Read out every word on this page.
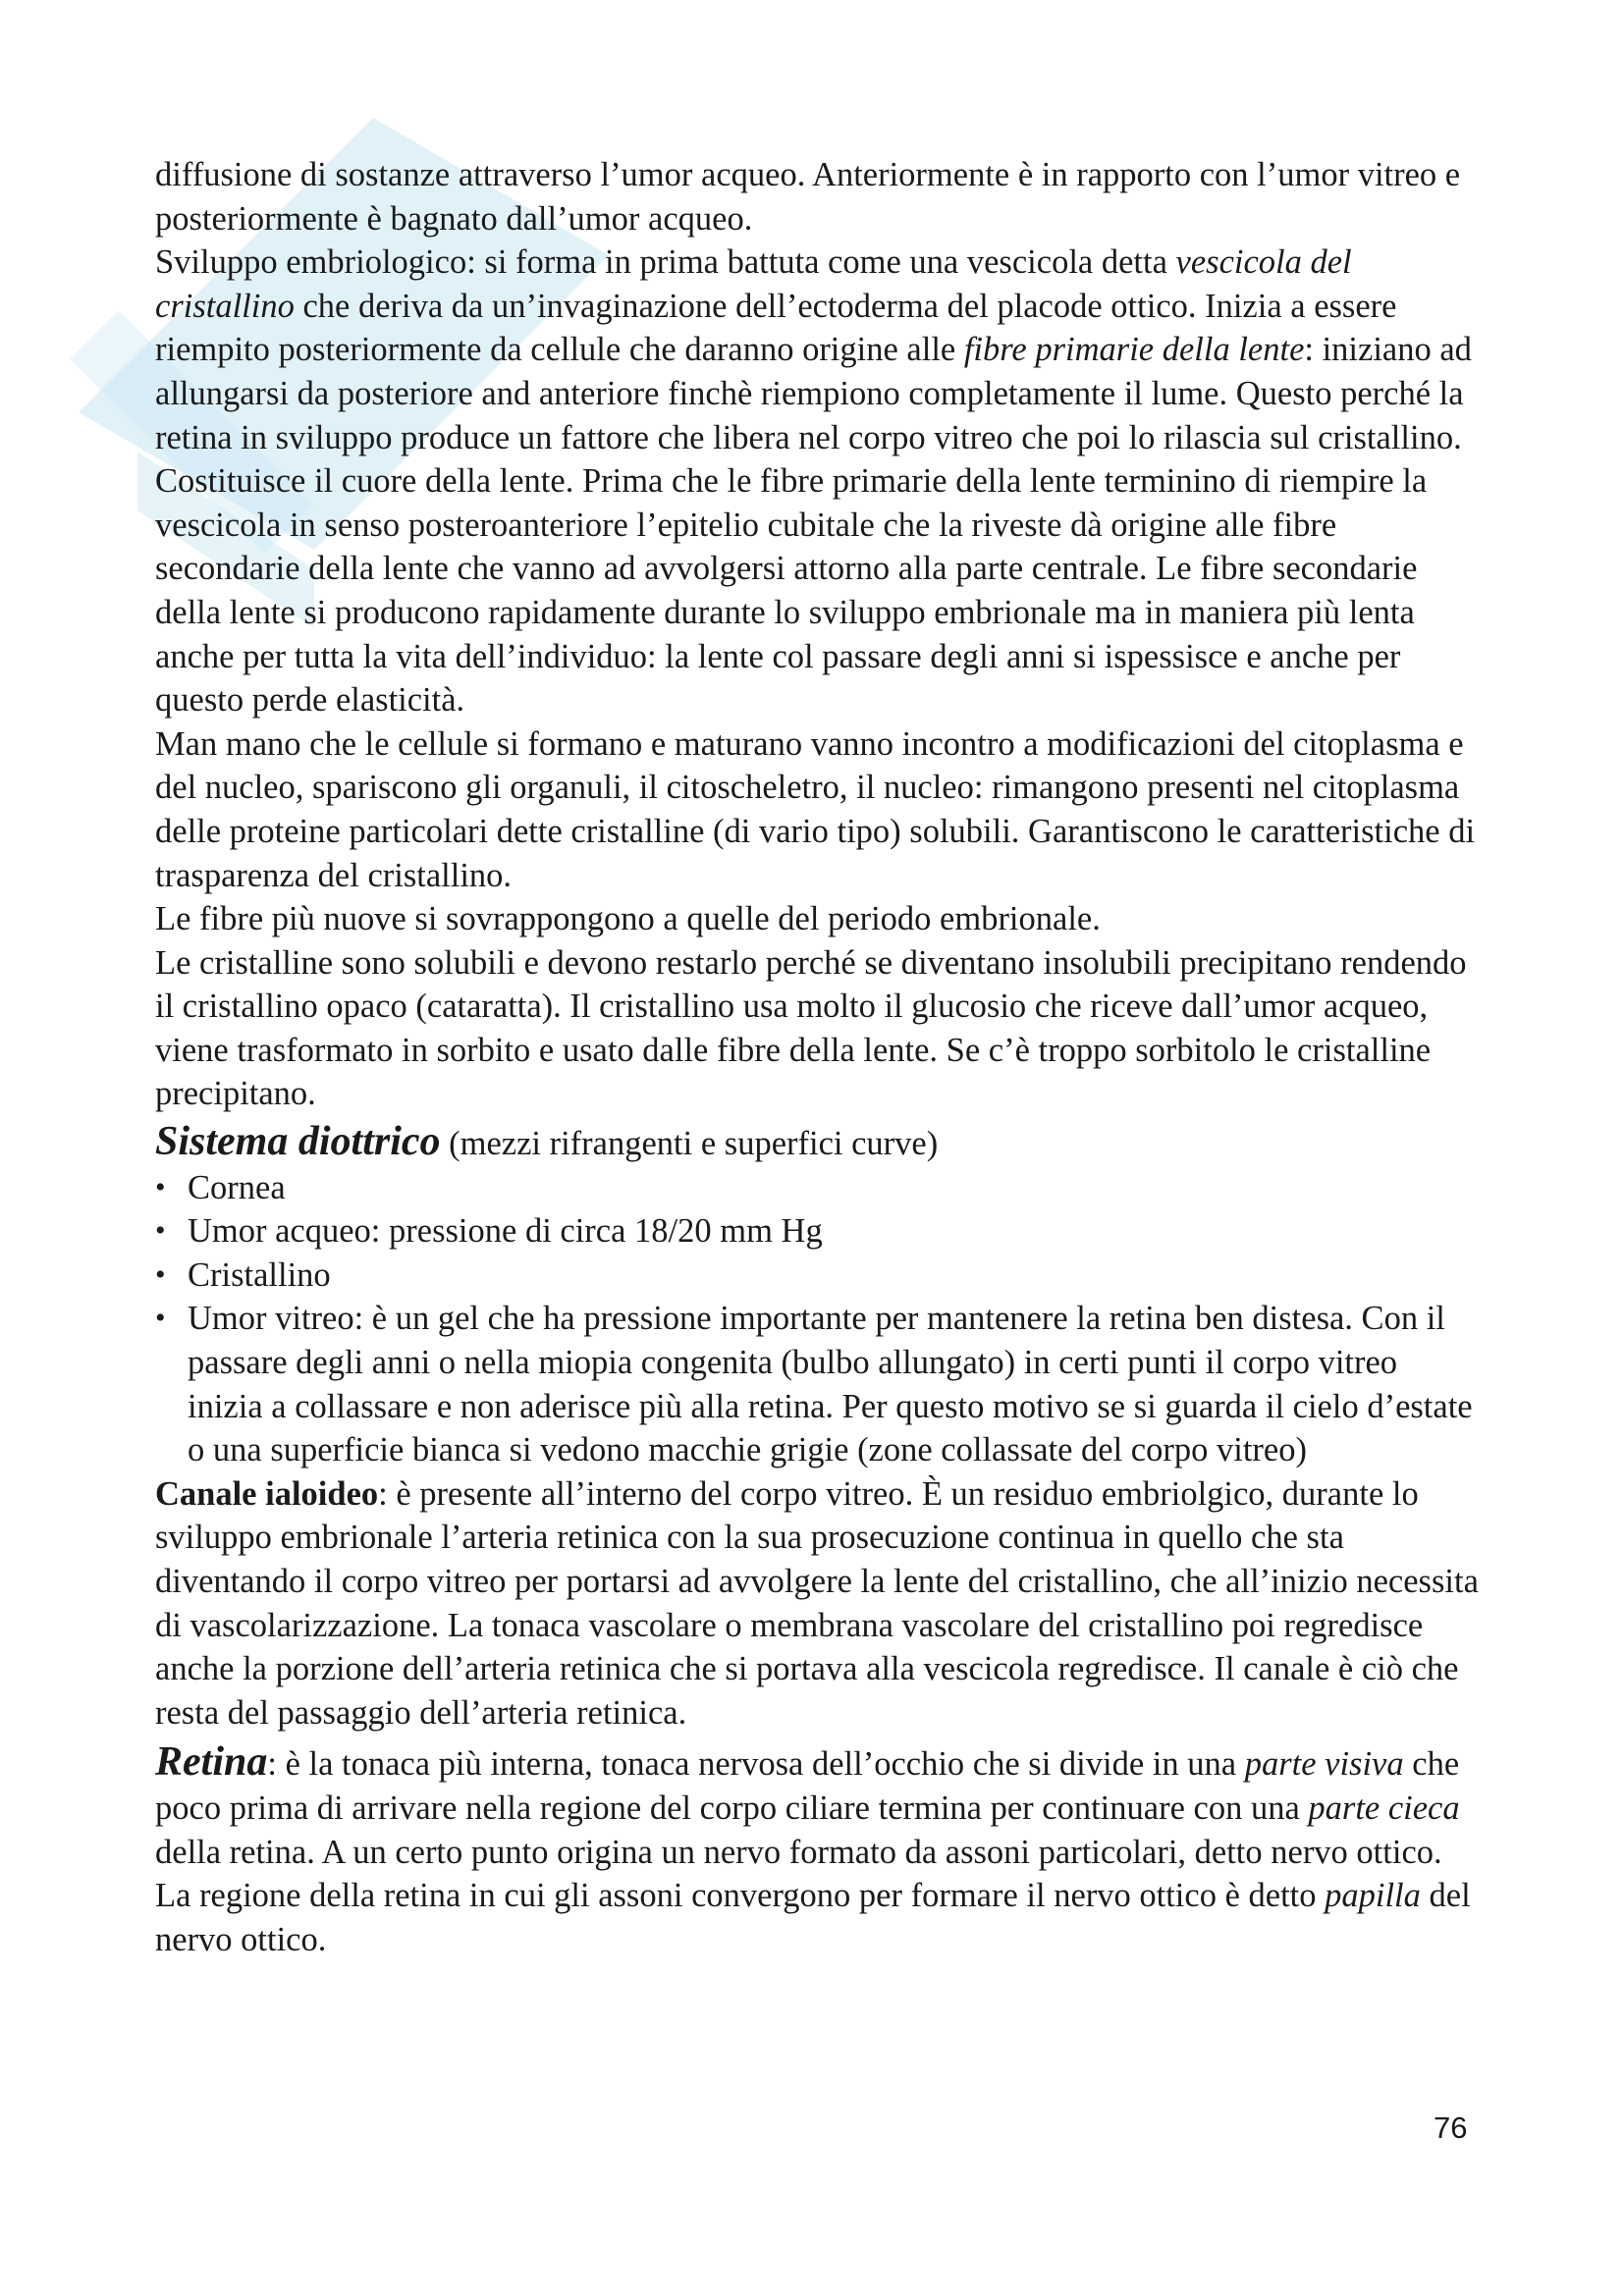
diffusione di sostanze attraverso l’umor acqueo. Anteriormente è in rapporto con l’umor vitreo e posteriormente è bagnato dall’umor acqueo.

Sviluppo embriologico: si forma in prima battuta come una vescicola detta vescicola del cristallino che deriva da un’invaginazione dell’ectoderma del placode ottico. Inizia a essere riempito posteriormente da cellule che daranno origine alle fibre primarie della lente: iniziano ad allungarsi da posteriore and anteriore finchè riempiono completamente il lume. Questo perché la retina in sviluppo produce un fattore che libera nel corpo vitreo che poi lo rilascia sul cristallino. Costituisce il cuore della lente. Prima che le fibre primarie della lente terminino di riempire la vescicola in senso posteroanteriore l’epitelio cubitale che la riveste dà origine alle fibre secondarie della lente che vanno ad avvolgersi attorno alla parte centrale. Le fibre secondarie della lente si producono rapidamente durante lo sviluppo embrionale ma in maniera più lenta anche per tutta la vita dell’individuo: la lente col passare degli anni si ispessisce e anche per questo perde elasticità.

Man mano che le cellule si formano e maturano vanno incontro a modificazioni del citoplasma e del nucleo, spariscono gli organuli, il citoscheletro, il nucleo: rimangono presenti nel citoplasma delle proteine particolari dette cristalline (di vario tipo) solubili. Garantiscono le caratteristiche di trasparenza del cristallino.

Le fibre più nuove si sovrappongono a quelle del periodo embrionale.

Le cristalline sono solubili e devono restarlo perché se diventano insolubili precipitano rendendo il cristallino opaco (cataratta). Il cristallino usa molto il glucosio che riceve dall’umor acqueo, viene trasformato in sorbito e usato dalle fibre della lente. Se c’è troppo sorbitolo le cristalline precipitano.

Sistema diottrico (mezzi rifrangenti e superfici curve)

• Cornea
• Umor acqueo: pressione di circa 18/20 mm Hg
• Cristallino
• Umor vitreo: è un gel che ha pressione importante per mantenere la retina ben distesa. Con il passare degli anni o nella miopia congenita (bulbo allungato) in certi punti il corpo vitreo inizia a collassare e non aderisce più alla retina. Per questo motivo se si guarda il cielo d’estate o una superficie bianca si vedono macchie grigie (zone collassate del corpo vitreo)

Canale ialoideo: è presente all’interno del corpo vitreo. È un residuo embriolgico, durante lo sviluppo embrionale l’arteria retinica con la sua prosecuzione continua in quello che sta diventando il corpo vitreo per portarsi ad avvolgere la lente del cristallino, che all’inizio necessita di vascolarizzazione. La tonaca vascolare o membrana vascolare del cristallino poi regredisce anche la porzione dell’arteria retinica che si portava alla vescicola regredisce. Il canale è ciò che resta del passaggio dell’arteria retinica.

Retina: è la tonaca più interna, tonaca nervosa dell’occhio che si divide in una parte visiva che poco prima di arrivare nella regione del corpo ciliare termina per continuare con una parte cieca della retina. A un certo punto origina un nervo formato da assoni particolari, detto nervo ottico. La regione della retina in cui gli assoni convergono per formare il nervo ottico è detto papilla del nervo ottico.

76
